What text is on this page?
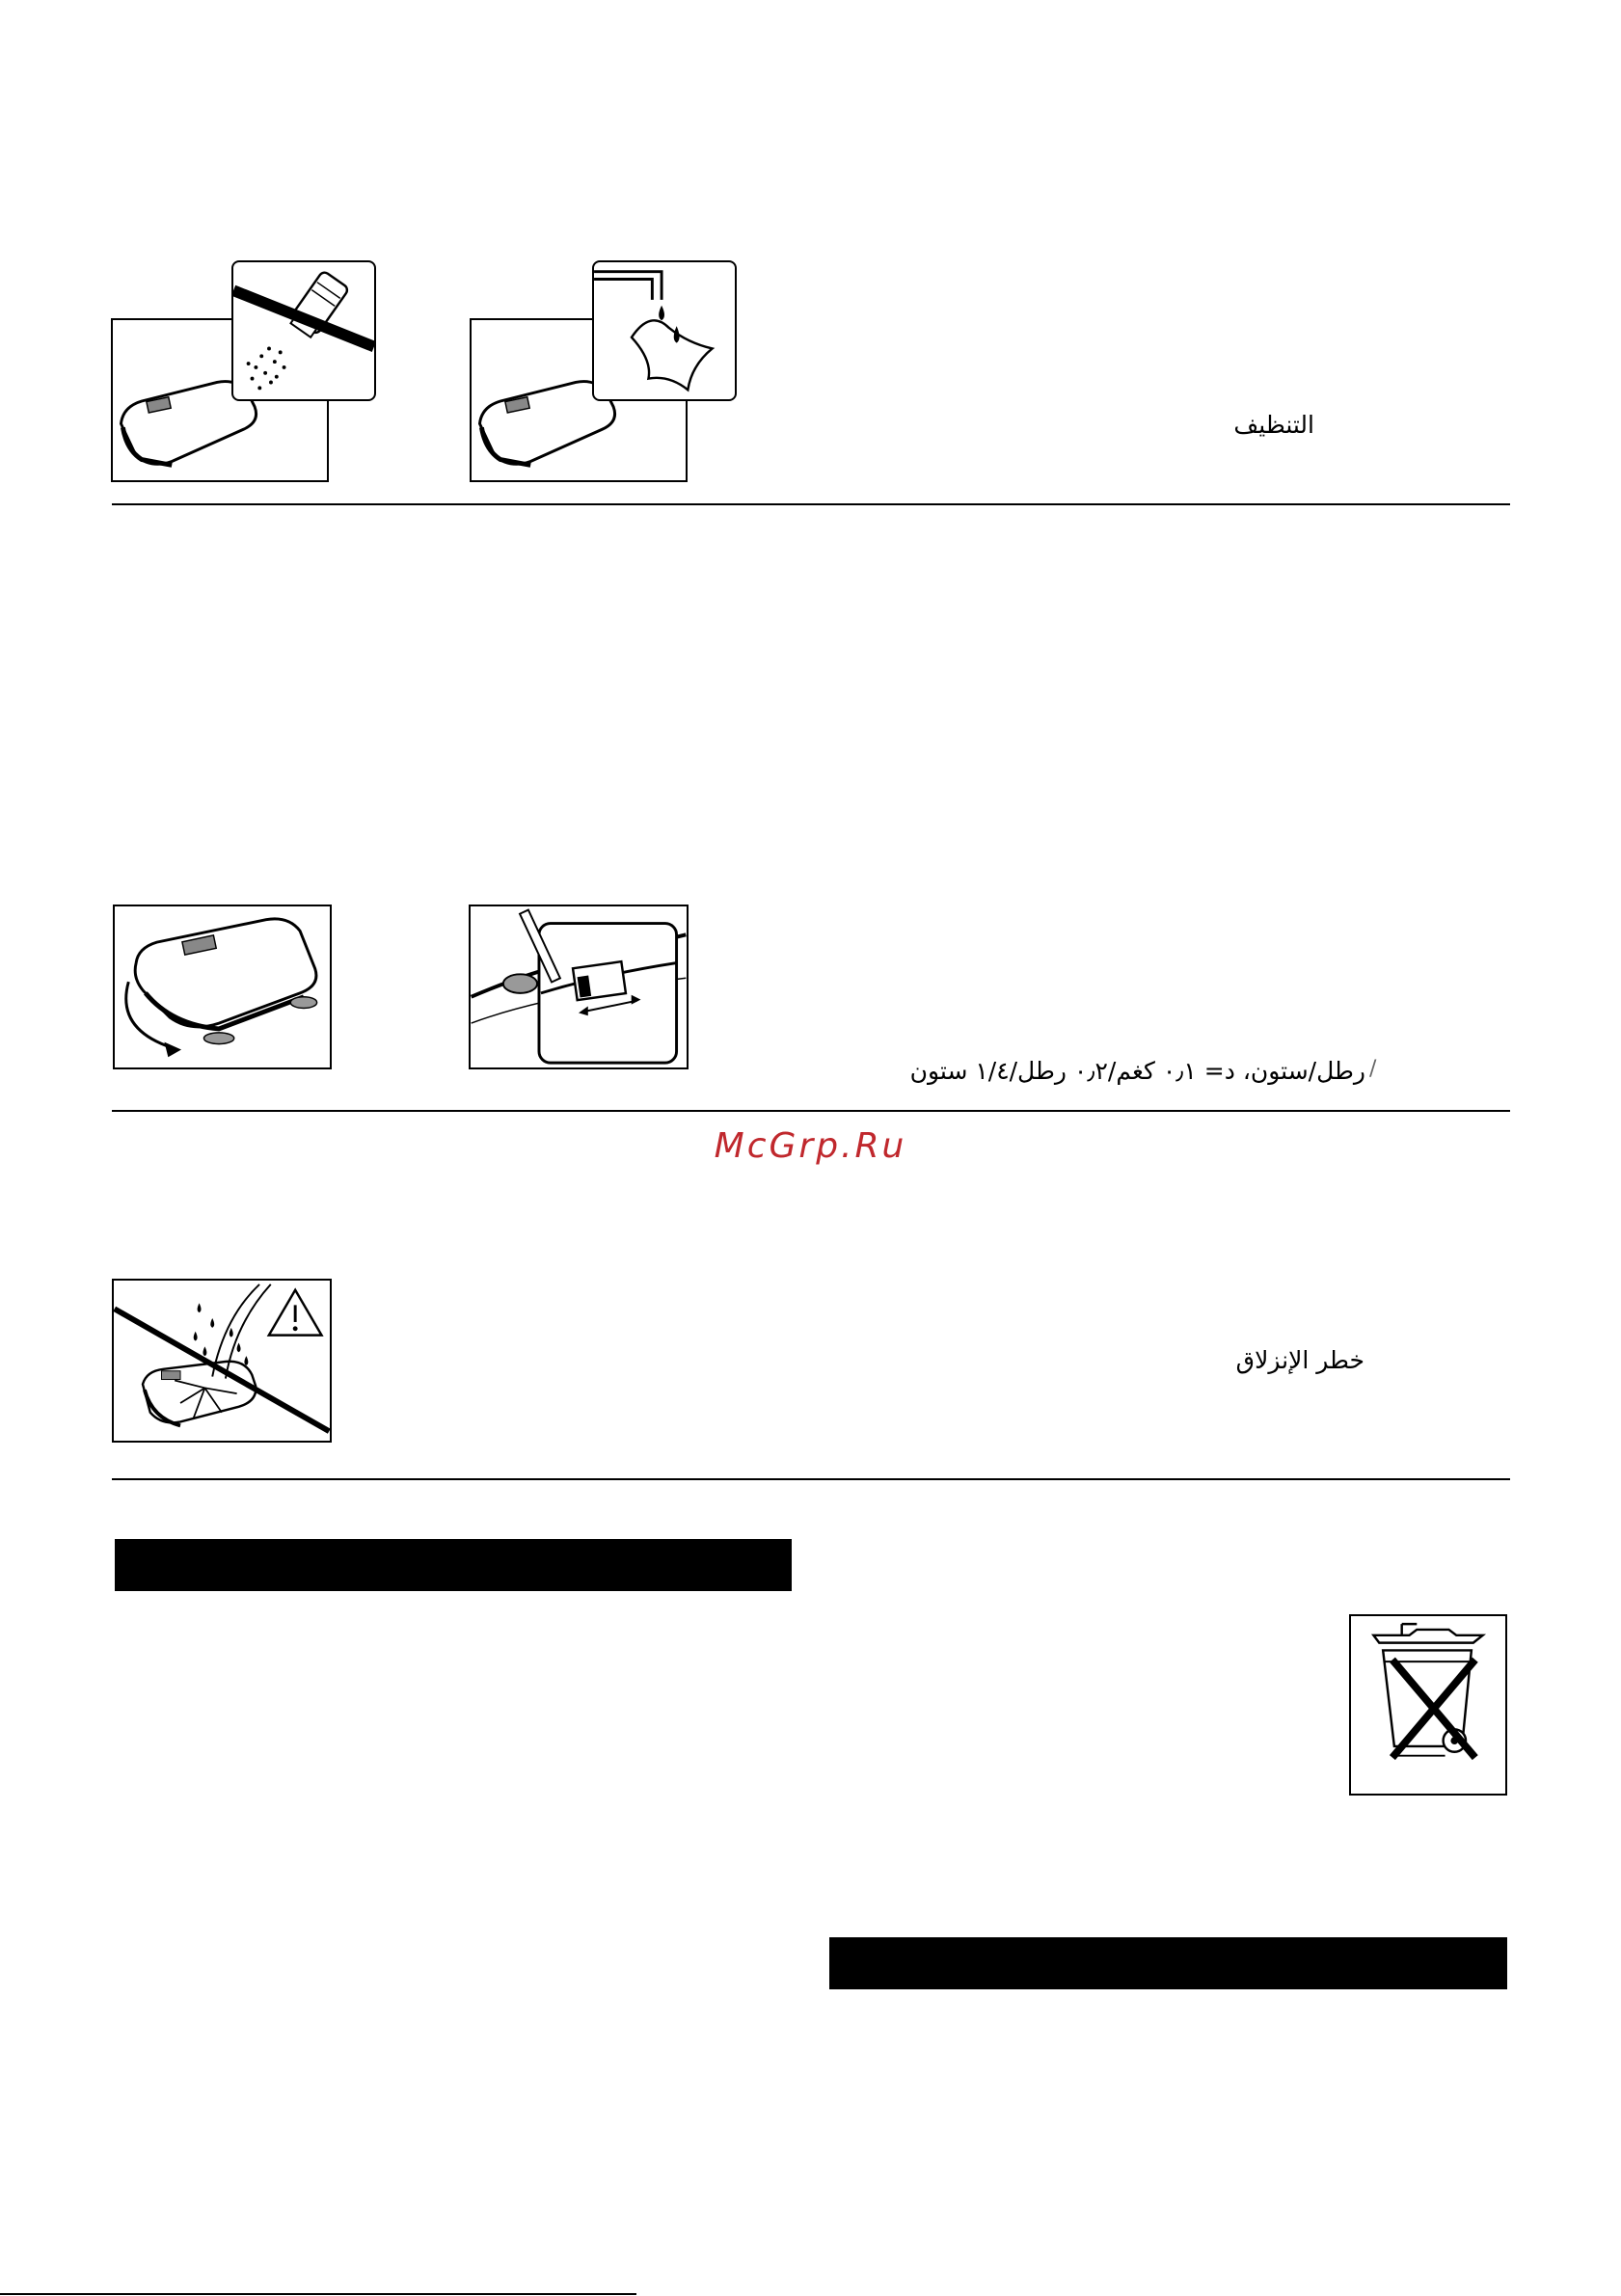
التنظيف
/
رطل/ستون، د= ٠٫١ كغم/٠٫٢ رطل/١/٤ ستون
McGrp.Ru
خطر الإنزلاق
